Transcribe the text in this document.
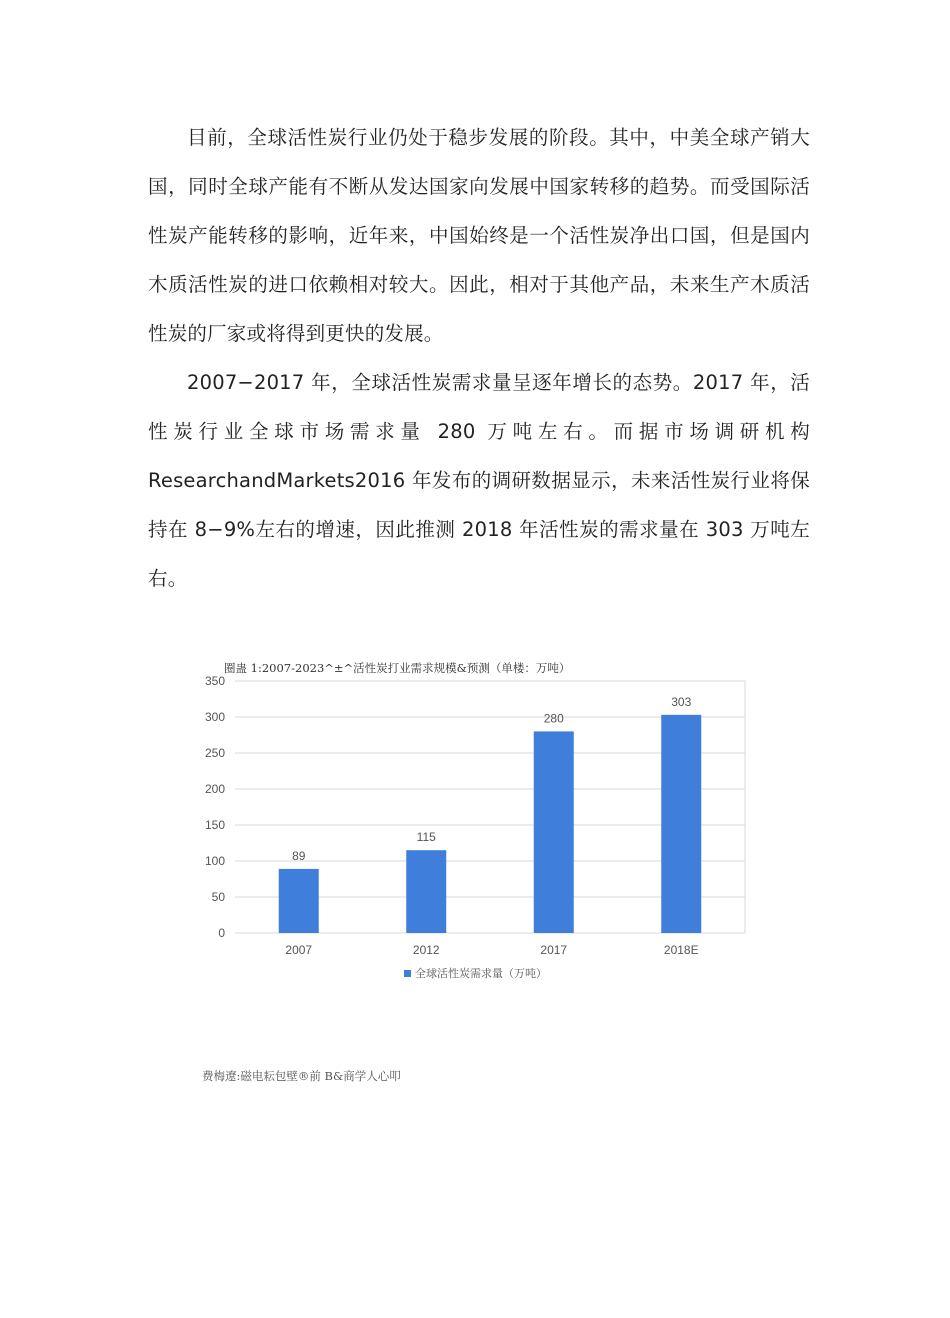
目前，全球活性炭行业仍处于稳步发展的阶段。其中，中美全球产销大国，同时全球产能有不断从发达国家向发展中国家转移的趋势。而受国际活性炭产能转移的影响，近年来，中国始终是一个活性炭净出口国，但是国内木质活性炭的进口依赖相对较大。因此，相对于其他产品，未来生产木质活性炭的厂家或将得到更快的发展。

2007−2017 年，全球活性炭需求量呈逐年增长的态势。2017 年，活性炭行业全球市场需求量 280 万吨左右。而据市场调研机构 ResearchandMarkets2016 年发布的调研数据显示，未来活性炭行业将保持在 8−9%左右的增速，因此推测 2018 年活性炭的需求量在 303 万吨左右。

圈蛊 1:2007-2023^±^活性炭打业需求规模&预测（单楼：万吨）
0
50
100
150
200
250
300
350
89
115
280
303
2007	2012	2017	2018E
全球活性炭需求量（万吨）
费梅遼:磁电耘包壁®前 B&商学人心叩
